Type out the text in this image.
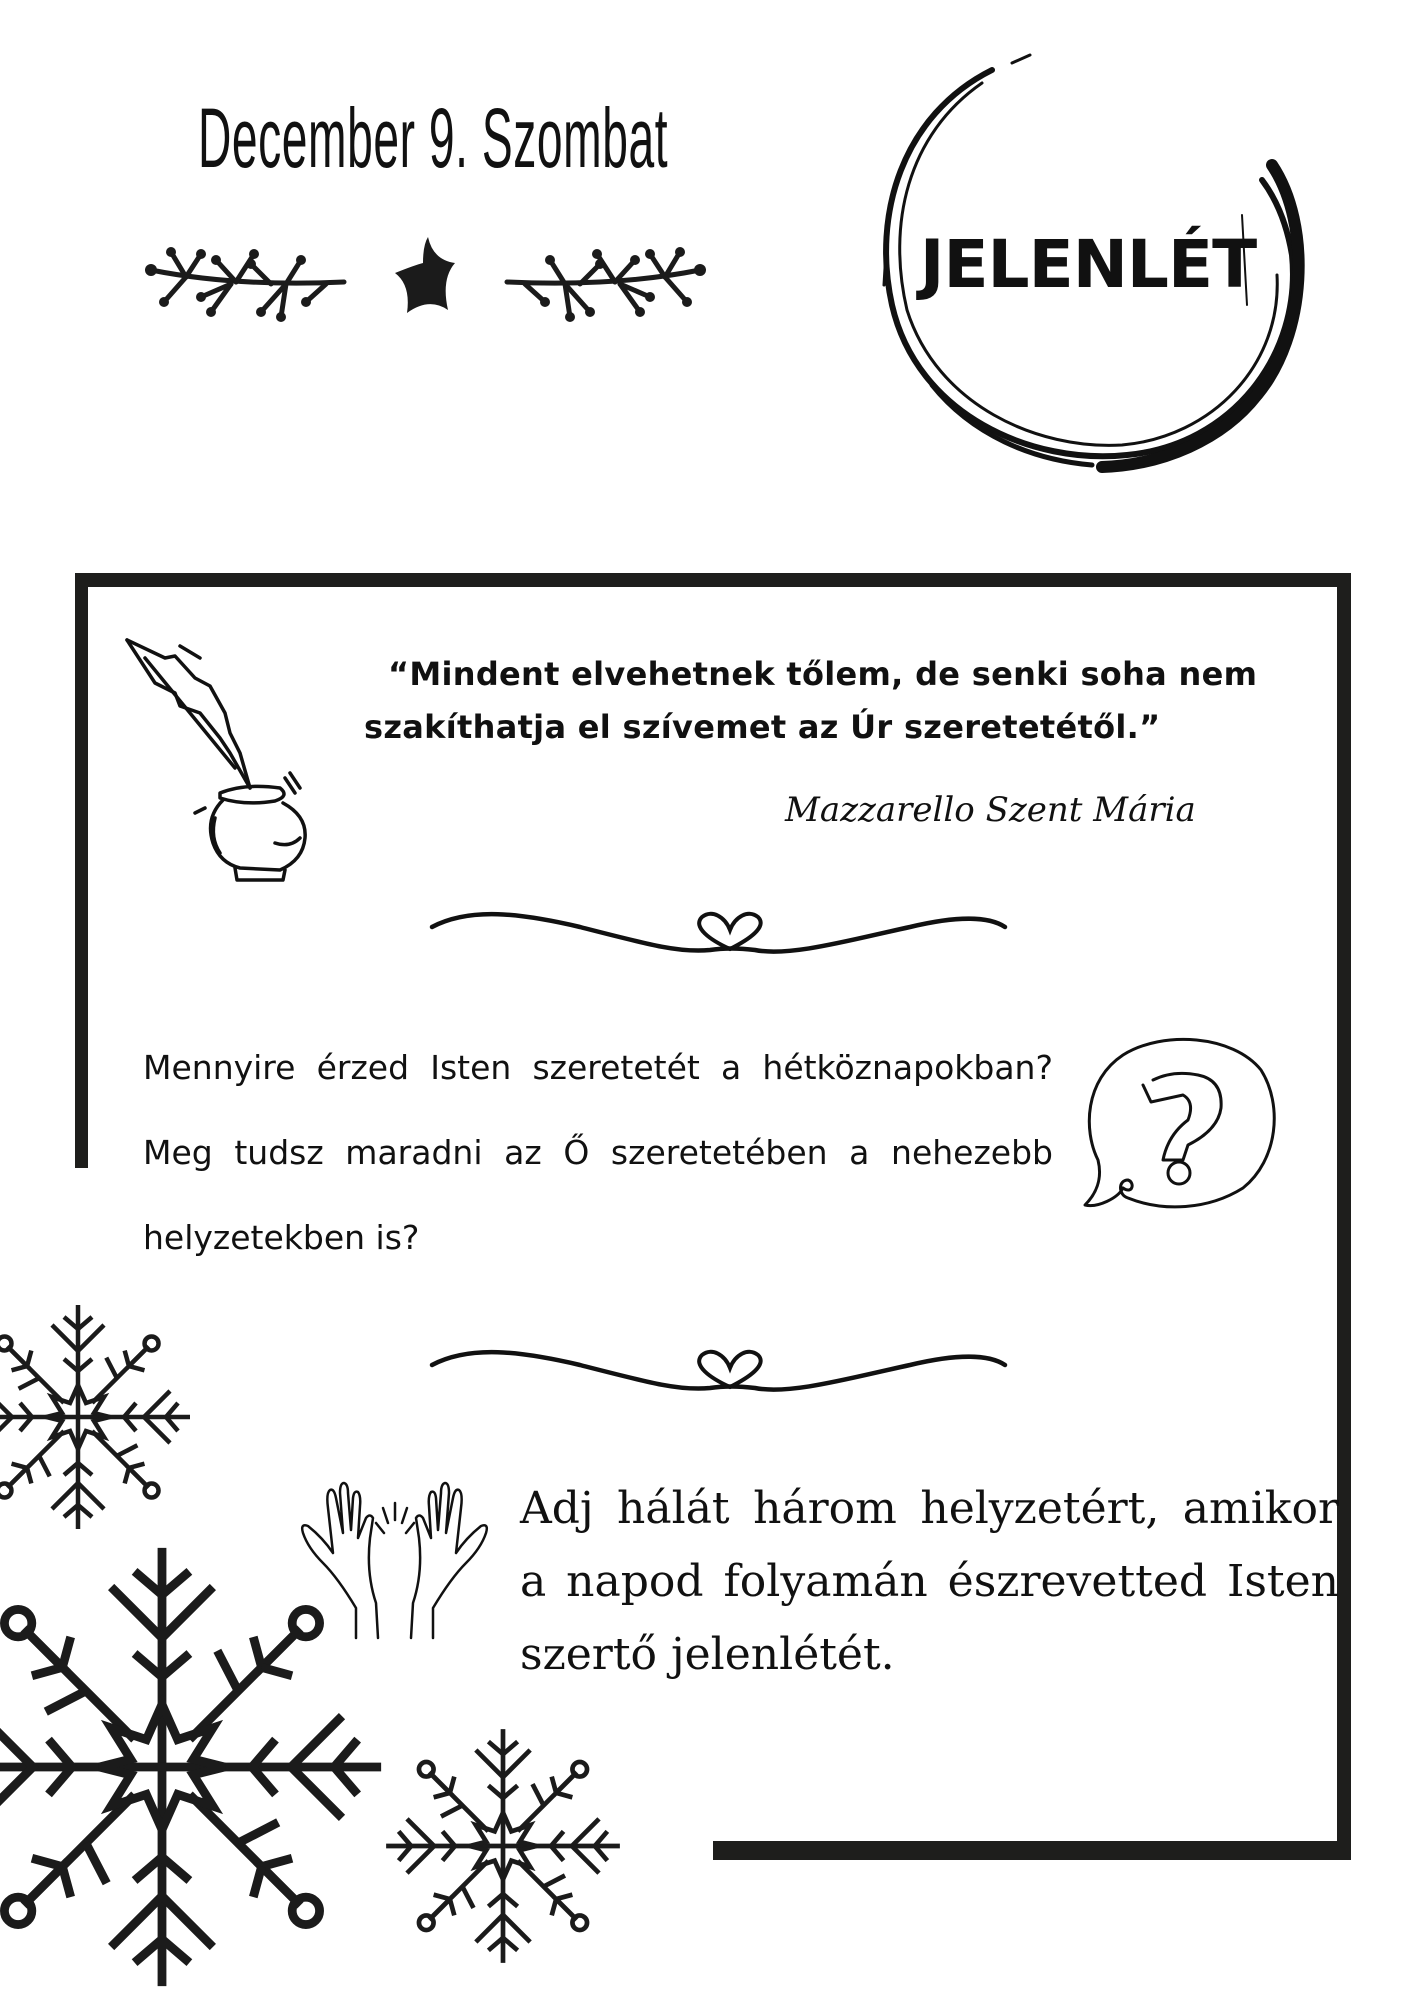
December 9. Szombat
JELENLÉT
“Mindent elvehetnek tőlem, de senki soha nem
szakíthatja el szívemet az Úr szeretetétől.”
Mazzarello Szent Mária
Mennyire érzed Isten szeretetét a hétköznapokban? Meg tudsz maradni az Ő szeretetében a nehezebb helyzetekben is?
Adj hálát három helyzetért, amikor a napod folyamán észrevetted Isten szertő jelenlétét.
